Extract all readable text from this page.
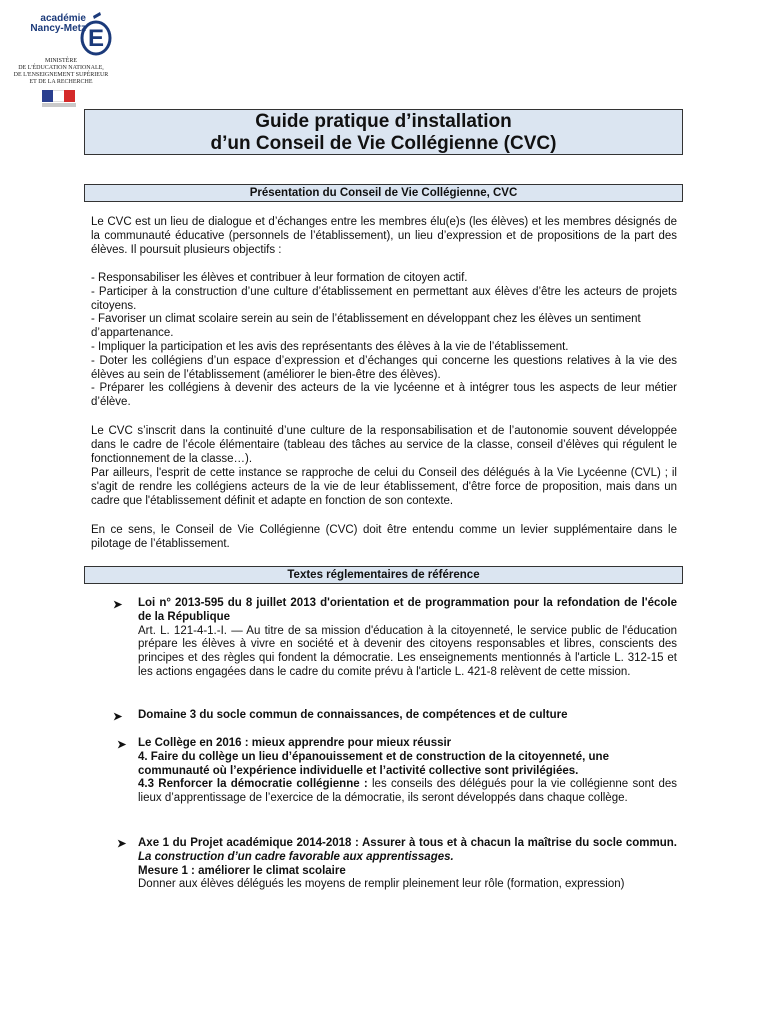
académie
Nancy-Metz E
MINISTÈRE
DE L'ÉDUCATION NATIONALE,
DE L'ENSEIGNEMENT SUPÉRIEUR
ET DE LA RECHERCHE
Guide pratique d’installation
d’un Conseil de Vie Collégienne (CVC)
Présentation du Conseil de Vie Collégienne, CVC

Le CVC est un lieu de dialogue et d’échanges entre les membres élu(e)s (les élèves) et les membres désignés de la communauté éducative (personnels de l’établissement), un lieu d’expression et de propositions de la part des élèves. Il poursuit plusieurs objectifs :

- Responsabiliser les élèves et contribuer à leur formation de citoyen actif.
- Participer à la construction d’une culture d’établissement en permettant aux élèves d’être les acteurs de projets citoyens.
- Favoriser un climat scolaire serein au sein de l’établissement en développant chez les élèves un sentiment d’appartenance.
- Impliquer la participation et les avis des représentants des élèves à la vie de l’établissement.
- Doter les collégiens d’un espace d’expression et d’échanges qui concerne les questions relatives à la vie des élèves au sein de l’établissement (améliorer le bien-être des élèves).
- Préparer les collégiens à devenir des acteurs de la vie lycéenne et à intégrer tous les aspects de leur métier d’élève.

Le CVC s’inscrit dans la continuité d’une culture de la responsabilisation et de l’autonomie souvent développée dans le cadre de l’école élémentaire (tableau des tâches au service de la classe, conseil d’élèves qui régulent le fonctionnement de la classe…).

Par ailleurs, l'esprit de cette instance se rapproche de celui du Conseil des délégués à la Vie Lycéenne (CVL) ; il s'agit de rendre les collégiens acteurs de la vie de leur établissement, d'être force de proposition, mais dans un cadre que l'établissement définit et adapte en fonction de son contexte.

En ce sens, le Conseil de Vie Collégienne (CVC) doit être entendu comme un levier supplémentaire dans le pilotage de l’établissement.

Textes réglementaires de référence
➤ Loi n° 2013-595 du 8 juillet 2013 d'orientation et de programmation pour la refondation de l'école de la République
Art. L. 121-4-1.-I. — Au titre de sa mission d'éducation à la citoyenneté, le service public de l'éducation prépare les élèves à vivre en société et à devenir des citoyens responsables et libres, conscients des principes et des règles qui fondent la démocratie. Les enseignements mentionnés à l'article L. 312-15 et les actions engagées dans le cadre du comite prévu à l'article L. 421-8 relèvent de cette mission.
➤ Domaine 3 du socle commun de connaissances, de compétences et de culture
➤ Le Collège en 2016 : mieux apprendre pour mieux réussir
4. Faire du collège un lieu d’épanouissement et de construction de la citoyenneté, une communauté où l’expérience individuelle et l’activité collective sont privilégiées.
4.3 Renforcer la démocratie collégienne : les conseils des délégués pour la vie collégienne sont des lieux d’apprentissage de l’exercice de la démocratie, ils seront développés dans chaque collège.
➤ Axe 1 du Projet académique 2014-2018 : Assurer à tous et à chacun la maîtrise du socle commun. La construction d’un cadre favorable aux apprentissages.
Mesure 1 : améliorer le climat scolaire
Donner aux élèves délégués les moyens de remplir pleinement leur rôle (formation, expression)
